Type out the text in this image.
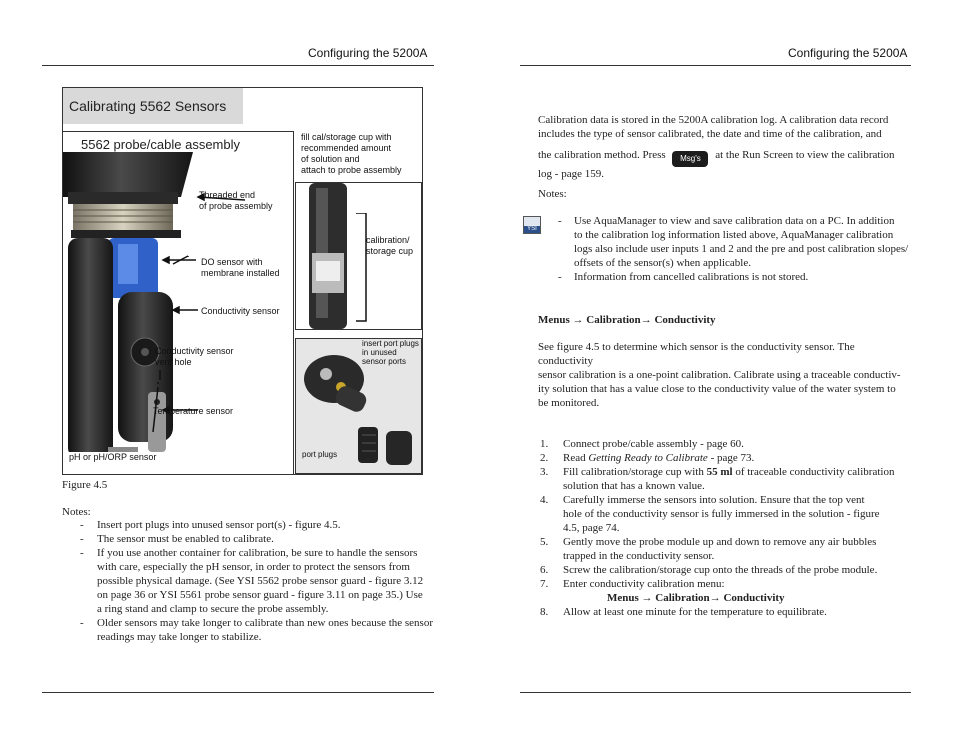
Configuring the 5200A
Calibrating 5562 Sensors
5562 probe/cable assembly
Threaded end
of probe assembly
DO sensor with
membrane installed
Conductivity sensor
Conductivity sensor
vent hole
Temperature sensor
pH or pH/ORP sensor
fill cal/storage cup with
recommended amount
of solution and
attach to probe assembly
calibration/
storage cup
insert port plugs
in unused
sensor ports
port plugs
Figure 4.5
Notes:
- Insert port plugs into unused sensor port(s) - figure 4.5.
- The sensor must be enabled to calibrate.
- If you use another container for calibration, be sure to handle the sensors
with care, especially the pH sensor, in order to protect the sensors from
possible physical damage. (See YSI 5562 probe sensor guard - figure 3.12
on page 36 or YSI 5561 probe sensor guard - figure 3.11 on page 35.) Use
a ring stand and clamp to secure the probe assembly.
- Older sensors may take longer to calibrate than new ones because the sensor
readings may take longer to stabilize.
Configuring the 5200A
Calibration data is stored in the 5200A calibration log. A calibration data record
includes the type of sensor calibrated, the date and time of the calibration, and
the calibration method. Press Msg's at the Run Screen to view the calibration
log - page 159.
Notes:
YSI
- Use AquaManager to view and save calibration data on a PC. In addition
to the calibration log information listed above, AquaManager calibration
logs also include user inputs 1 and 2 and the pre and post calibration slopes/
offsets of the sensor(s) when applicable.
- Information from cancelled calibrations is not stored.
Menus → Calibration→ Conductivity
See figure 4.5 to determine which sensor is the conductivity sensor. The conductivity
sensor calibration is a one-point calibration. Calibrate using a traceable conductiv-
ity solution that has a value close to the conductivity value of the water system to
be monitored.
1. Connect probe/cable assembly - page 60.
2. Read Getting Ready to Calibrate - page 73.
3. Fill calibration/storage cup with 55 ml of traceable conductivity calibration
solution that has a known value.
4. Carefully immerse the sensors into solution. Ensure that the top vent
hole of the conductivity sensor is fully immersed in the solution - figure
4.5, page 74.
5. Gently move the probe module up and down to remove any air bubbles
trapped in the conductivity sensor.
6. Screw the calibration/storage cup onto the threads of the probe module.
7. Enter conductivity calibration menu:
Menus → Calibration→ Conductivity
8. Allow at least one minute for the temperature to equilibrate.
